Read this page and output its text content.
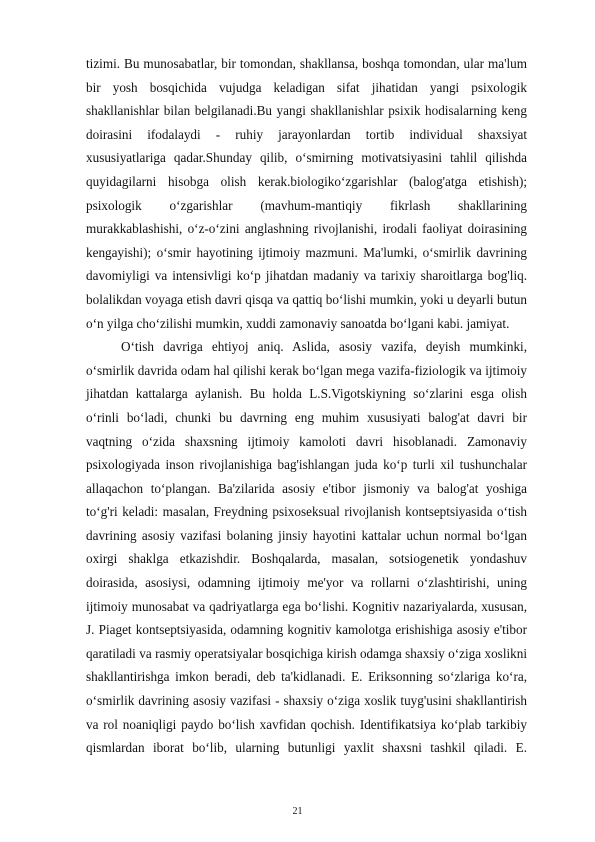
tizimi. Bu munosabatlar, bir tomondan, shakllansa, boshqa tomondan, ular ma'lum
bir yosh bosqichida vujudga keladigan sifat jihatidan yangi psixologik
shakllanishlar bilan belgilanadi.Bu yangi shakllanishlar psixik hodisalarning keng
doirasini ifodalaydi - ruhiy jarayonlardan tortib individual shaxsiyat
xususiyatlariga qadar.Shunday qilib, o‘smirning motivatsiyasini tahlil qilishda
quyidagilarni hisobga olish kerak.biologiko‘zgarishlar (balog'atga etishish);
psixologik o‘zgarishlar (mavhum-mantiqiy fikrlash shakllarining
murakkablashishi, o‘z-o‘zini anglashning rivojlanishi, irodali faoliyat doirasining
kengayishi); o‘smir hayotining ijtimoiy mazmuni. Ma'lumki, o‘smirlik davrining
davomiyligi va intensivligi ko‘p jihatdan madaniy va tarixiy sharoitlarga bog'liq.
bolalikdan voyaga etish davri qisqa va qattiq bo‘lishi mumkin, yoki u deyarli butun
o‘n yilga cho‘zilishi mumkin, xuddi zamonaviy sanoatda bo‘lgani kabi. jamiyat.
O‘tish davriga ehtiyoj aniq. Aslida, asosiy vazifa, deyish mumkinki,
o‘smirlik davrida odam hal qilishi kerak bo‘lgan mega vazifa-fiziologik va ijtimoiy
jihatdan kattalarga aylanish. Bu holda L.S.Vigotskiyning so‘zlarini esga olish
o‘rinli bo‘ladi, chunki bu davrning eng muhim xususiyati balog'at davri bir
vaqtning o‘zida shaxsning ijtimoiy kamoloti davri hisoblanadi. Zamonaviy
psixologiyada inson rivojlanishiga bag'ishlangan juda ko‘p turli xil tushunchalar
allaqachon to‘plangan. Ba'zilarida asosiy e'tibor jismoniy va balog'at yoshiga
to‘g'ri keladi: masalan, Freydning psixoseksual rivojlanish kontseptsiyasida o‘tish
davrining asosiy vazifasi bolaning jinsiy hayotini kattalar uchun normal bo‘lgan
oxirgi shaklga etkazishdir. Boshqalarda, masalan, sotsiogenetik yondashuv
doirasida, asosiysi, odamning ijtimoiy me'yor va rollarni o‘zlashtirishi, uning
ijtimoiy munosabat va qadriyatlarga ega bo‘lishi. Kognitiv nazariyalarda, xususan,
J. Piaget kontseptsiyasida, odamning kognitiv kamolotga erishishiga asosiy e'tibor
qaratiladi va rasmiy operatsiyalar bosqichiga kirish odamga shaxsiy o‘ziga xoslikni
shakllantirishga imkon beradi, deb ta'kidlanadi. E. Eriksonning so‘zlariga ko‘ra,
o‘smirlik davrining asosiy vazifasi - shaxsiy o‘ziga xoslik tuyg'usini shakllantirish
va rol noaniqligi paydo bo‘lish xavfidan qochish. Identifikatsiya ko‘plab tarkibiy
qismlardan iborat bo‘lib, ularning butunligi yaxlit shaxsni tashkil qiladi. E.
21
